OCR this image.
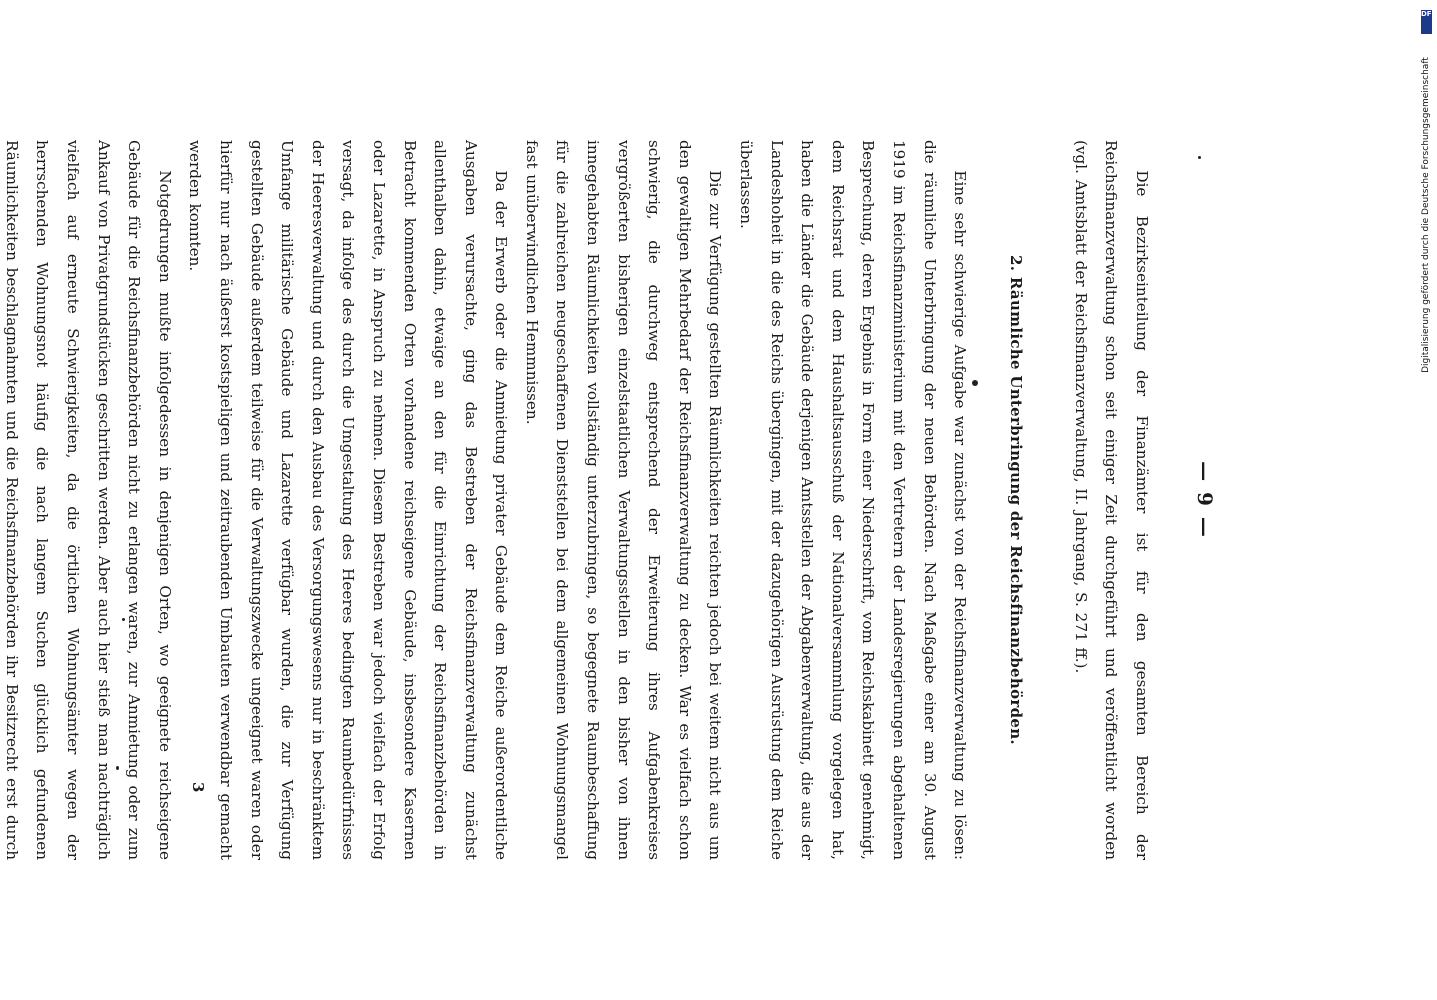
— 9 —

Die Bezirkseinteilung der Finanzämter ist für den gesamten Bereich der Reichsfinanzverwaltung schon seit einiger Zeit durchgeführt und veröffentlicht worden (vgl. Amtsblatt der Reichsfinanzverwaltung, II. Jahrgang, S. 271 ff.).

2. Räumliche Unterbringung der Reichsfinanzbehörden.

Eine sehr schwierige Aufgabe war zunächst von der Reichsfinanzverwaltung zu lösen: die räumliche Unterbringung der neuen Behörden. Nach Maßgabe einer am 30. August 1919 im Reichsfinanzministerium mit den Vertretern der Landesregierungen abgehaltenen Besprechung, deren Ergebnis in Form einer Niederschrift, vom Reichskabinett genehmigt, dem Reichsrat und dem Haushaltsausschuß der Nationalversammlung vorgelegen hat, haben die Länder die Gebäude derjenigen Amtsstellen der Abgabenverwaltung, die aus der Landeshoheit in die des Reichs übergingen, mit der dazugehörigen Ausrüstung dem Reiche überlassen.

Die zur Verfügung gestellten Räumlichkeiten reichten jedoch bei weitem nicht aus um den gewaltigen Mehrbedarf der Reichsfinanzverwaltung zu decken. War es vielfach schon schwierig, die durchweg entsprechend der Erweiterung ihres Aufgabenkreises vergrößerten bisherigen einzelstaatlichen Verwaltungsstellen in den bisher von ihnen innegehabten Räumlichkeiten vollständig unterzubringen, so begegnete Raumbeschaffung für die zahlreichen neugeschaffenen Dienststellen bei dem allgemeinen Wohnungsmangel fast unüberwindlichen Hemmnissen.

Da der Erwerb oder die Anmietung privater Gebäude dem Reiche außerordentliche Ausgaben verursachte, ging das Bestreben der Reichsfinanzverwaltung zunächst allenthalben dahin, etwaige an den für die Einrichtung der Reichsfinanzbehörden in Betracht kommenden Orten vorhandene reichseigene Gebäude, insbesondere Kasernen oder Lazarette, in Anspruch zu nehmen. Diesem Bestreben war jedoch vielfach der Erfolg versagt, da infolge des durch die Umgestaltung des Heeres bedingten Raumbedürfnisses der Heeresverwaltung und durch den Ausbau des Versorgungswesens nur in beschränktem Umfange militärische Gebäude und Lazarette verfügbar wurden, die zur Verfügung gestellten Gebäude außerdem teilweise für die Verwaltungszwecke ungeeignet waren oder hierfür nur nach äußerst kostspieligen und zeitraubenden Umbauten verwendbar gemacht werden konnten.

Notgedrungen mußte infolgedessen in denjenigen Orten, wo geeignete reichseigene Gebäude für die Reichsfinanzbehörden nicht zu erlangen waren, zur Anmietung oder zum Ankauf von Privatgrundstücken geschritten werden. Aber auch hier stieß man nachträglich vielfach auf erneute Schwierigkeiten, da die örtlichen Wohnungsämter wegen der herrschenden Wohnungsnot häufig die nach langem Suchen glücklich gefundenen Räumlichkeiten beschlagnahmten und die Reichsfinanzbehörden ihr Besitzrecht erst durch

3
DFG
Digitalisierung gefördert durch die Deutsche Forschungsgemeinschaft
